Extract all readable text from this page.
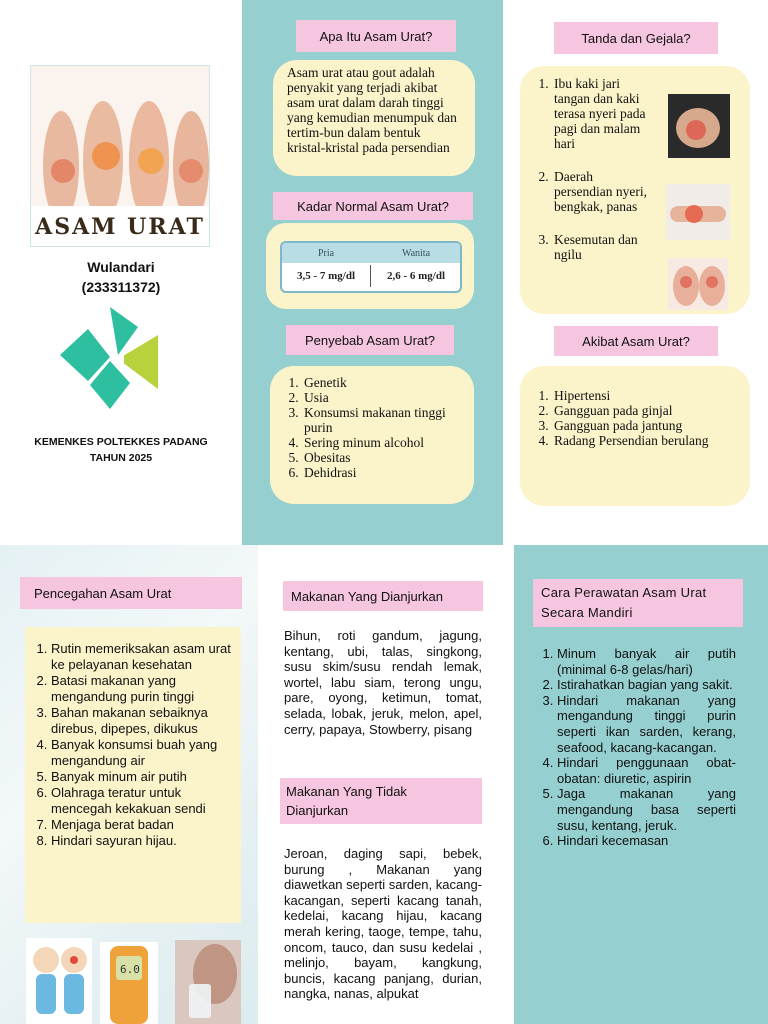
ASAM URAT
Wulandari
(233311372)
KEMENKES POLTEKKES PADANG
TAHUN 2025
Apa Itu Asam Urat?
Asam urat atau gout adalah penyakit yang terjadi akibat asam urat dalam darah tinggi yang kemudian menumpuk dan tertim-bun dalam bentuk kristal-kristal pada persendian
Kadar Normal Asam Urat?
Pria	Wanita
3,5 - 7 mg/dl	2,6 - 6 mg/dl
Penyebab Asam Urat?
1. Genetik
2. Usia
3. Konsumsi makanan tinggi purin
4. Sering minum alcohol
5. Obesitas
6. Dehidrasi
Tanda dan Gejala?
1. Ibu kaki jari tangan dan kaki terasa nyeri pada pagi dan malam hari
2. Daerah persendian nyeri, bengkak, panas
3. Kesemutan dan ngilu
Akibat Asam Urat?
1. Hipertensi
2. Gangguan pada ginjal
3. Gangguan pada jantung
4. Radang Persendian berulang
Pencegahan Asam Urat
1. Rutin memeriksakan asam urat ke pelayanan kesehatan
2. Batasi makanan yang mengandung purin tinggi
3. Bahan makanan sebaiknya direbus, dipepes, dikukus
4. Banyak konsumsi buah yang mengandung air
5. Banyak minum air putih
6. Olahraga teratur untuk mencegah kekakuan sendi
7. Menjaga berat badan
8. Hindari sayuran hijau.
6.0
Makanan Yang Dianjurkan
Bihun, roti gandum, jagung, kentang, ubi, talas, singkong, susu skim/susu rendah lemak, wortel, labu siam, terong ungu, pare, oyong, ketimun, tomat, selada, lobak, jeruk, melon, apel, cerry, papaya, Stowberry, pisang
Makanan Yang Tidak Dianjurkan
Jeroan, daging sapi, bebek, burung , Makanan yang diawetkan seperti sarden, kacang-kacangan, seperti kacang tanah, kedelai, kacang hijau, kacang merah kering, taoge, tempe, tahu, oncom, tauco, dan susu kedelai , melinjo, bayam, kangkung, buncis, kacang panjang, durian, nangka, nanas, alpukat
Cara Perawatan Asam Urat Secara Mandiri
1. Minum banyak air putih (minimal 6-8 gelas/hari)
2. Istirahatkan bagian yang sakit.
3. Hindari makanan yang mengandung tinggi purin seperti ikan sarden, kerang, seafood, kacang-kacangan.
4. Hindari penggunaan obat-obatan: diuretic, aspirin
5. Jaga makanan yang mengandung basa seperti susu, kentang, jeruk.
6. Hindari kecemasan
